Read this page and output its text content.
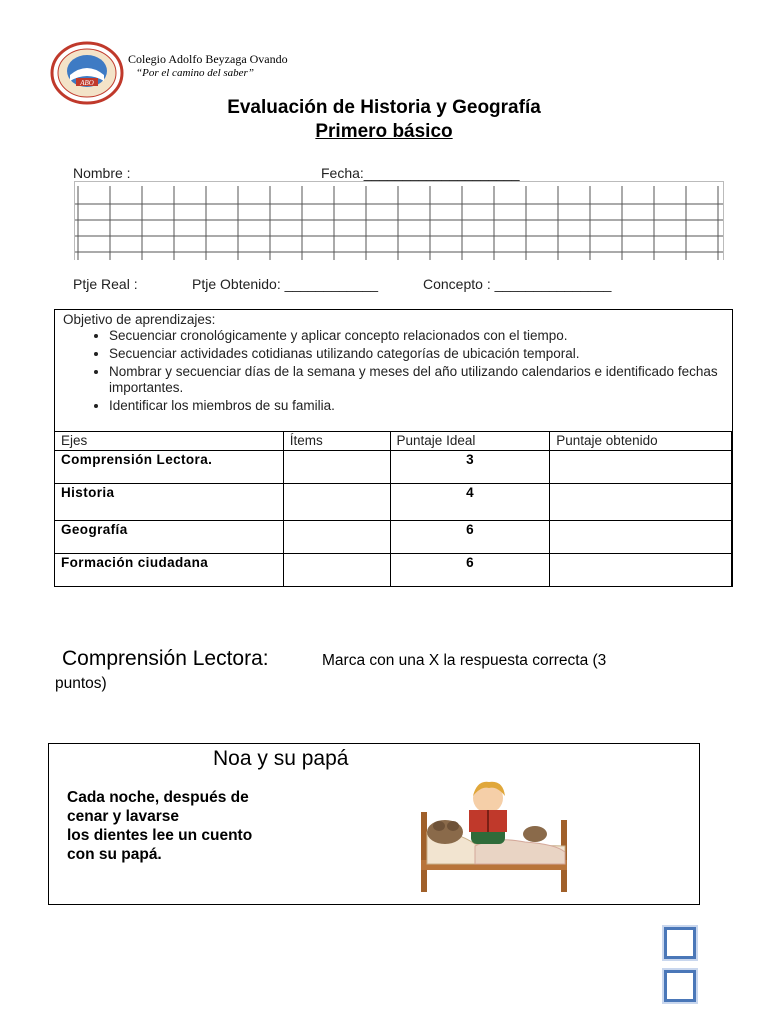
ABO
Colegio Adolfo Beyzaga Ovando
“Por el camino del saber”
Evaluación de Historia y Geografía
Primero básico
Nombre :	Fecha:____________________
Ptje Real :	Ptje Obtenido: ____________	Concepto : _______________
Objetivo de aprendizajes:
• Secuenciar cronológicamente y aplicar concepto relacionados con el tiempo.
• Secuenciar actividades cotidianas utilizando categorías de ubicación temporal.
• Nombrar y secuenciar días de la semana y meses del año utilizando calendarios e identificado fechas importantes.
• Identificar los miembros de su familia.
Ejes	Ítems	Puntaje Ideal	Puntaje obtenido
Comprensión Lectora.		3	
Historia		4	
Geografía		6	
Formación ciudadana		6	
Comprensión Lectora:	Marca con una X la respuesta correcta (3
puntos)
Noa y su papá
Cada noche, después de
cenar y lavarse
los dientes lee un cuento
con su papá.
